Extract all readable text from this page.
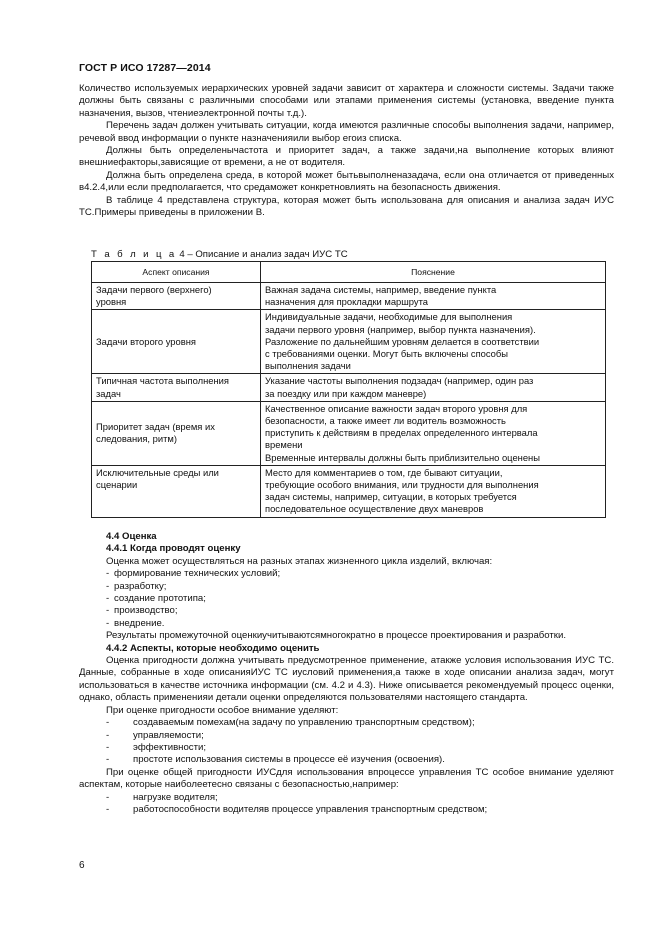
ГОСТ Р ИСО 17287—2014

Количество используемых иерархических уровней задачи зависит от характера и сложности системы. Задачи также должны быть связаны с различными способами или этапами применения системы (установка, введение пункта назначения, вызов, чтениеэлектронной почты т.д.).

Перечень задач должен учитывать ситуации, когда имеются различные способы выполнения задачи, например, речевой ввод информации о пункте назначенияили выбор егоиз списка.

Должны быть определенычастота и приоритет задач, а также задачи,на выполнение которых влияют внешниефакторы,зависящие от времени, а не от водителя.

Должна быть определена среда, в которой может бытьвыполненазадача, если она отличается от приведенных в4.2.4,или если предполагается, что средаможет конкретновлиять на безопасность движения.

В таблице 4 представлена структура, которая может быть использована для описания и анализа задач ИУС ТС.Примеры приведены в приложении В.

Т а б л и ц а 4 – Описание и анализ задач ИУС ТС
Аспект описания	Пояснение

Задачи первого (верхнего)
уровня	Важная задача системы, например, введение пункта
назначения для прокладки маршрута

Задачи второго уровня	Индивидуальные задачи, необходимые для выполнения
задачи первого уровня (например, выбор пункта назначения).
Разложение по дальнейшим уровням делается в соответствии
с требованиями оценки. Могут быть включены способы
выполнения задачи

Типичная частота выполнения
задач	Указание частоты выполнения подзадач (например, один раз
за поездку или при каждом маневре)

Приоритет задач (время их
следования, ритм)	Качественное описание важности задач второго уровня для
безопасности, а также имеет ли водитель возможность
приступить к действиям в пределах определенного интервала
времени
Временные интервалы должны быть приблизительно оценены

Исключительные среды или
сценарии	Место для комментариев о том, где бывают ситуации,
требующие особого внимания, или трудности для выполнения
задач системы, например, ситуации, в которых требуется
последовательное осуществление двух маневров

4.4 Оценка

4.4.1 Когда проводят оценку

Оценка может осуществляться на разных этапах жизненного цикла изделий, включая:

- формирование технических условий;
- разработку;
- создание прототипа;
- производство;
- внедрение.

Результаты промежуточной оценкиучитываютсямногократно в процессе проектирования и разработки.

4.4.2 Аспекты, которые необходимо оценить

Оценка пригодности должна учитывать предусмотренное применение, атакже условия использования ИУС ТС. Данные, собранные в ходе описанияИУС ТС иусловий применения,а также в ходе описании анализа задач, могут использоваться в качестве источника информации (см. 4.2 и 4.3). Ниже описывается рекомендуемый процесс оценки, однако, область примененияи детали оценки определяются пользователями настоящего стандарта.

При оценке пригодности особое внимание уделяют:

- создаваемым помехам(на задачу по управлению транспортным средством);
- управляемости;
- эффективности;
- простоте использования системы в процессе её изучения (освоения).

При оценке общей пригодности ИУСдля использования впроцессе управления ТС особое внимание уделяют аспектам, которые наиболеетесно связаны с безопасностью,например:

- нагрузке водителя;
- работоспособности водителяв процессе управления транспортным средством;
6
